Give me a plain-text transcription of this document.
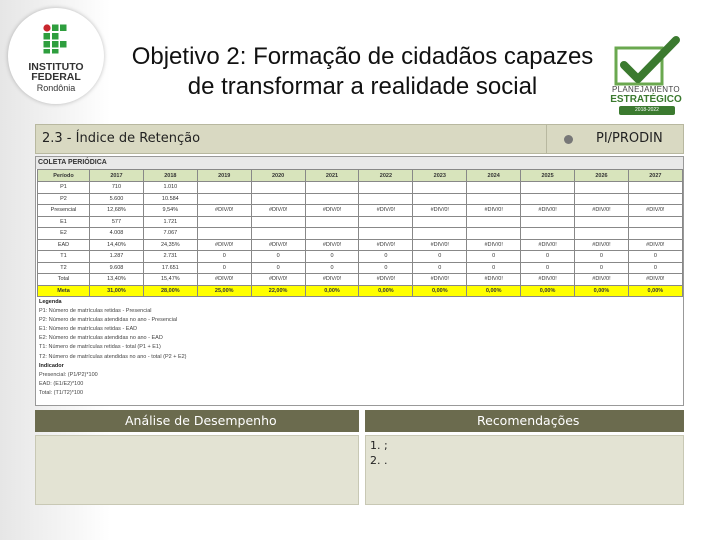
INSTITUTO
FEDERAL
Rondônia
Objetivo 2: Formação de cidadãos capazes
de transformar a realidade social	PLANEJAMENTO
ESTRATÉGICO
2018-2022
2.3 - Índice de Retenção	PI/PRODIN
COLETA PERIÓDICA
Período	2017	2018	2019	2020	2021	2022	2023	2024	2025	2026	2027
P1	710	1.010									
P2	5.600	10.584									
Presencial	12,68%	9,54%	#DIV/0!	#DIV/0!	#DIV/0!	#DIV/0!	#DIV/0!	#DIV/0!	#DIV/0!	#DIV/0!	#DIV/0!
E1	577	1.721									
E2	4.008	7.067									
EAD	14,40%	24,35%	#DIV/0!	#DIV/0!	#DIV/0!	#DIV/0!	#DIV/0!	#DIV/0!	#DIV/0!	#DIV/0!	#DIV/0!
T1	1.287	2.731	0	0	0	0	0	0	0	0	0
T2	9.608	17.651	0	0	0	0	0	0	0	0	0
Total	13,40%	15,47%	#DIV/0!	#DIV/0!	#DIV/0!	#DIV/0!	#DIV/0!	#DIV/0!	#DIV/0!	#DIV/0!	#DIV/0!
Meta	31,00%	28,00%	25,00%	22,00%	0,00%	0,00%	0,00%	0,00%	0,00%	0,00%	0,00%
Legenda
P1: Número de matrículas retidas - Presencial
P2: Número de matrículas atendidas no ano - Presencial
E1: Número de matrículas retidas - EAD
E2: Número de matrículas atendidas no ano - EAD
T1: Número de matrículas retidas - total (P1 + E1)
T2: Número de matrículas atendidas no ano - total (P2 + E2)
Indicador
Presencial: (P1/P2)*100
EAD: (E1/E2)*100
Total: (T1/T2)*100
Análise de Desempenho	Recomendações
1. ;
2. .
